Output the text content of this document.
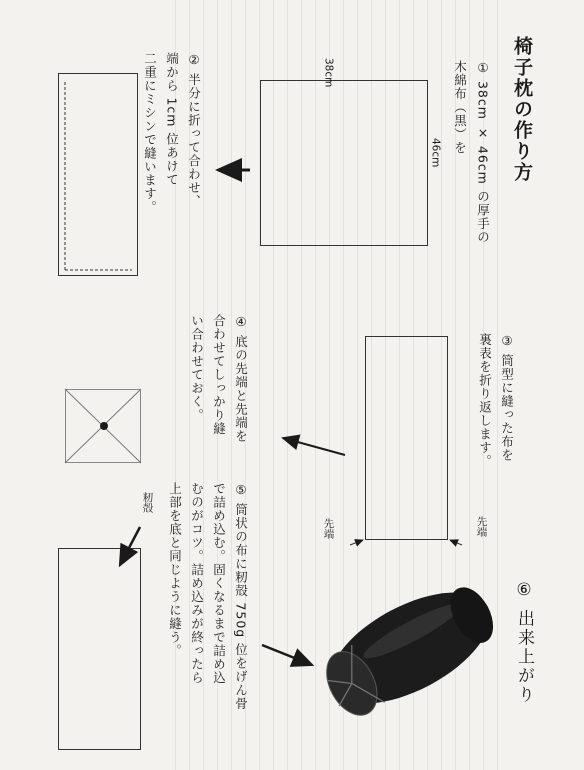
椅子枕の作り方
① 38cm × 46cm の厚手の
木綿布（黒）を
38cm
46cm
② 半分に折って合わせ、
端から 1cm 位あけて
二重にミシンで縫います。
③ 筒型に縫った布を
裏表を折り返します。
先端
先端
④ 底の先端と先端を
合わせてしっかり縫
い合わせておく。
⑤ 筒状の布に籾殻 750g 位をげん骨
で詰め込む。固くなるまで詰め込
むのがコツ。詰め込みが終ったら
上部を底と同じように縫う。
籾殻
⑥ 出来上がり
